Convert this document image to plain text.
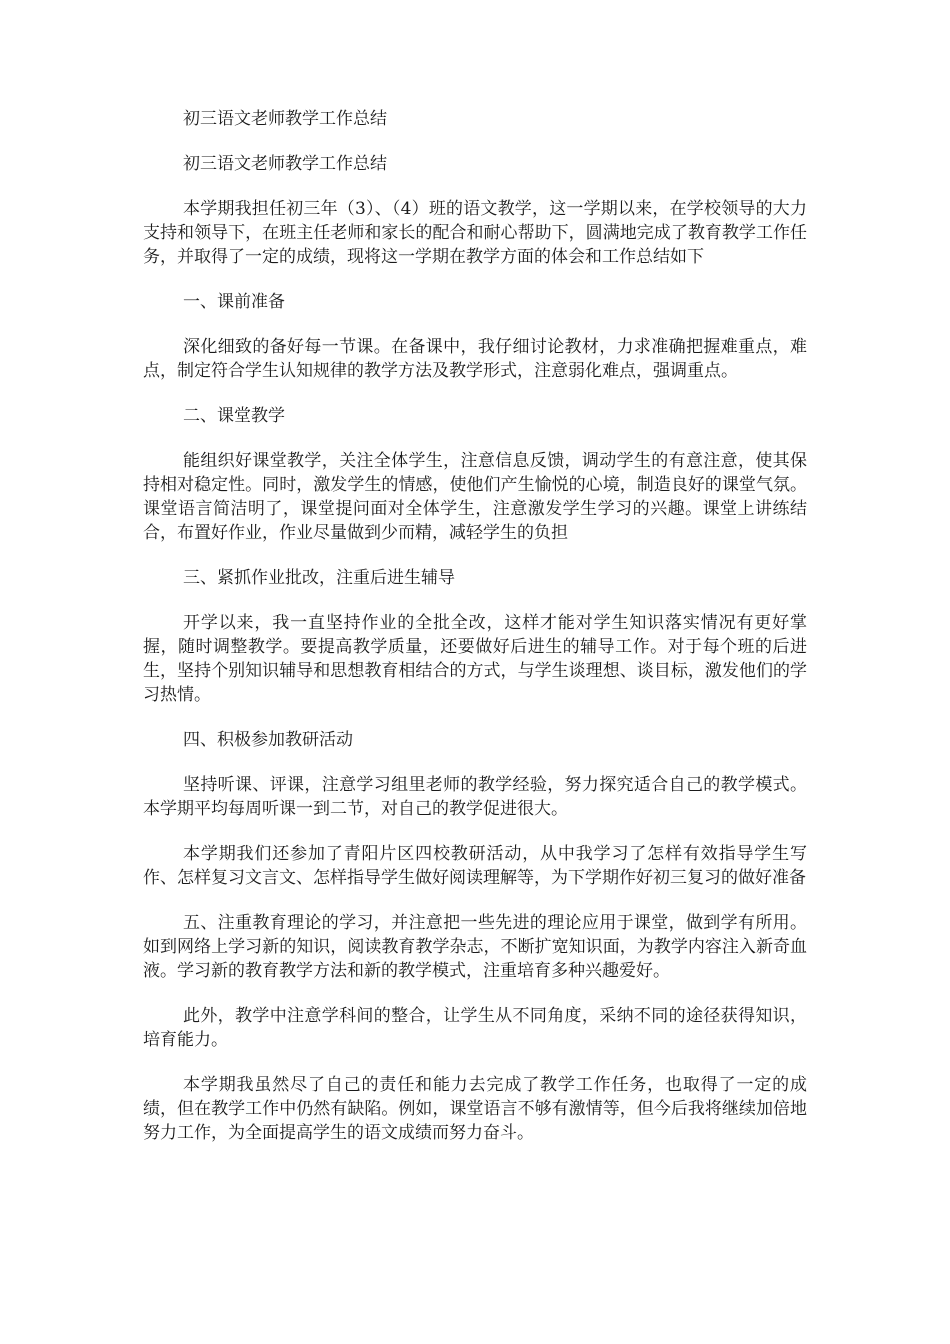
初三语文老师教学工作总结

初三语文老师教学工作总结

本学期我担任初三年（3）、（4）班的语文教学，这一学期以来，在学校领导的大力支持和领导下，在班主任老师和家长的配合和耐心帮助下，圆满地完成了教育教学工作任务，并取得了一定的成绩，现将这一学期在教学方面的体会和工作总结如下

一、课前准备

深化细致的备好每一节课。在备课中，我仔细讨论教材，力求准确把握难重点，难点，制定符合学生认知规律的教学方法及教学形式，注意弱化难点，强调重点。

二、课堂教学

能组织好课堂教学，关注全体学生，注意信息反馈，调动学生的有意注意，使其保持相对稳定性。同时，激发学生的情感，使他们产生愉悦的心境，制造良好的课堂气氛。课堂语言简洁明了，课堂提问面对全体学生，注意激发学生学习的兴趣。课堂上讲练结合，布置好作业，作业尽量做到少而精，减轻学生的负担

三、紧抓作业批改，注重后进生辅导

开学以来，我一直坚持作业的全批全改，这样才能对学生知识落实情况有更好掌握，随时调整教学。要提高教学质量，还要做好后进生的辅导工作。对于每个班的后进生，坚持个别知识辅导和思想教育相结合的方式，与学生谈理想、谈目标，激发他们的学习热情。

四、积极参加教研活动

坚持听课、评课，注意学习组里老师的教学经验，努力探究适合自己的教学模式。本学期平均每周听课一到二节，对自己的教学促进很大。

本学期我们还参加了青阳片区四校教研活动，从中我学习了怎样有效指导学生写作、怎样复习文言文、怎样指导学生做好阅读理解等，为下学期作好初三复习的做好准备

五、注重教育理论的学习，并注意把一些先进的理论应用于课堂，做到学有所用。如到网络上学习新的知识，阅读教育教学杂志，不断扩宽知识面，为教学内容注入新奇血液。学习新的教育教学方法和新的教学模式，注重培育多种兴趣爱好。

此外，教学中注意学科间的整合，让学生从不同角度，采纳不同的途径获得知识，培育能力。

本学期我虽然尽了自己的责任和能力去完成了教学工作任务，也取得了一定的成绩，但在教学工作中仍然有缺陷。例如，课堂语言不够有激情等，但今后我将继续加倍地努力工作，为全面提高学生的语文成绩而努力奋斗。
